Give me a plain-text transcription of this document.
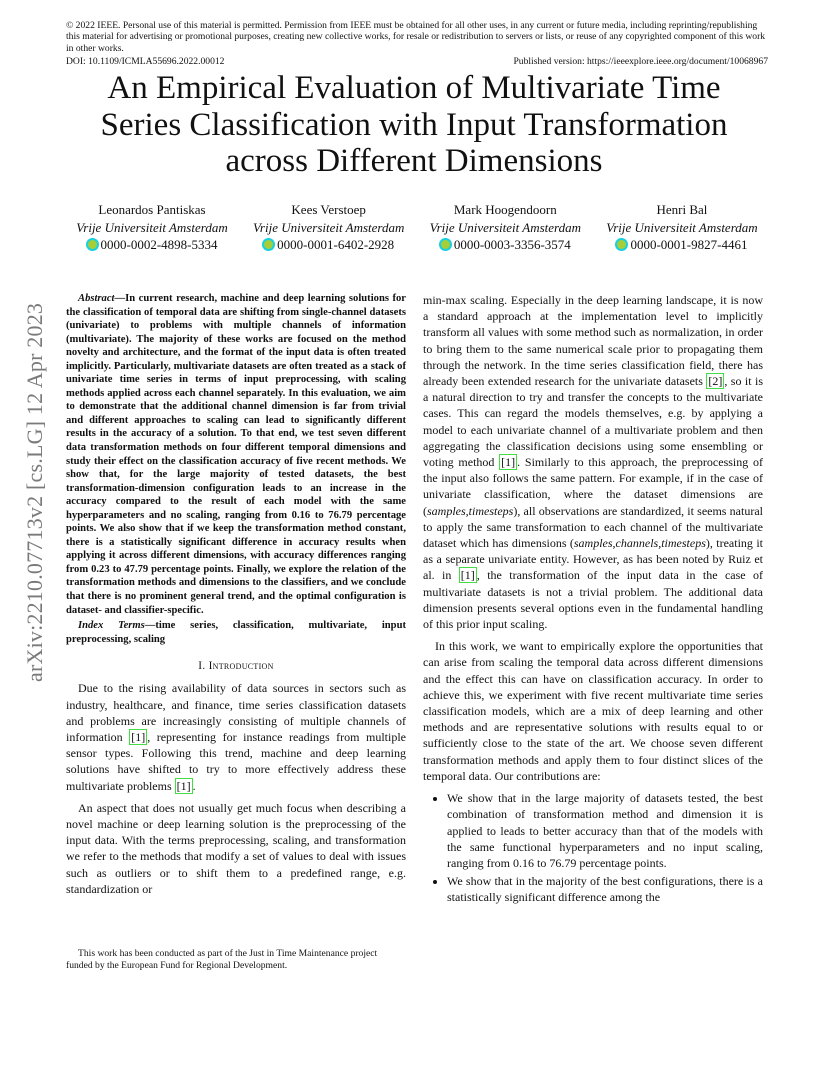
© 2022 IEEE. Personal use of this material is permitted. Permission from IEEE must be obtained for all other uses, in any current or future media, including reprinting/republishing this material for advertising or promotional purposes, creating new collective works, for resale or redistribution to servers or lists, or reuse of any copyrighted component of this work in other works.
DOI: 10.1109/ICMLA55696.2022.00012	Published version: https://ieeexplore.ieee.org/document/10068967
An Empirical Evaluation of Multivariate Time Series Classification with Input Transformation across Different Dimensions
Leonardos Pantiskas
Vrije Universiteit Amsterdam
0000-0002-4898-5334
Kees Verstoep
Vrije Universiteit Amsterdam
0000-0001-6402-2928
Mark Hoogendoorn
Vrije Universiteit Amsterdam
0000-0003-3356-3574
Henri Bal
Vrije Universiteit Amsterdam
0000-0001-9827-4461
arXiv:2210.07713v2 [cs.LG] 12 Apr 2023

Abstract—In current research, machine and deep learning solutions for the classification of temporal data are shifting from single-channel datasets (univariate) to problems with multiple channels of information (multivariate). The majority of these works are focused on the method novelty and architecture, and the format of the input data is often treated implicitly. Particularly, multivariate datasets are often treated as a stack of univariate time series in terms of input preprocessing, with scaling methods applied across each channel separately. In this evaluation, we aim to demonstrate that the additional channel dimension is far from trivial and different approaches to scaling can lead to significantly different results in the accuracy of a solution. To that end, we test seven different data transformation methods on four different temporal dimensions and study their effect on the classification accuracy of five recent methods. We show that, for the large majority of tested datasets, the best transformation-dimension configuration leads to an increase in the accuracy compared to the result of each model with the same hyperparameters and no scaling, ranging from 0.16 to 76.79 percentage points. We also show that if we keep the transformation method constant, there is a statistically significant difference in accuracy results when applying it across different dimensions, with accuracy differences ranging from 0.23 to 47.79 percentage points. Finally, we explore the relation of the transformation methods and dimensions to the classifiers, and we conclude that there is no prominent general trend, and the optimal configuration is dataset- and classifier-specific.

Index Terms—time series, classification, multivariate, input preprocessing, scaling

I. Introduction

Due to the rising availability of data sources in sectors such as industry, healthcare, and finance, time series classification datasets and problems are increasingly consisting of multiple channels of information [1] , representing for instance readings from multiple sensor types. Following this trend, machine and deep learning solutions have shifted to try to more effectively address these multivariate problems [1] .

An aspect that does not usually get much focus when describing a novel machine or deep learning solution is the preprocessing of the input data. With the terms preprocessing, scaling, and transformation we refer to the methods that modify a set of values to deal with issues such as outliers or to shift them to a predefined range, e.g. standardization or

This work has been conducted as part of the Just in Time Maintenance project funded by the European Fund for Regional Development.

min-max scaling. Especially in the deep learning landscape, it is now a standard approach at the implementation level to implicitly transform all values with some method such as normalization, in order to bring them to the same numerical scale prior to propagating them through the network. In the time series classification field, there has already been extended research for the univariate datasets [2] , so it is a natural direction to try and transfer the concepts to the multivariate cases. This can regard the models themselves, e.g. by applying a model to each univariate channel of a multivariate problem and then aggregating the classification decisions using some ensembling or voting method [1] . Similarly to this approach, the preprocessing of the input also follows the same pattern. For example, if in the case of univariate classification, where the dataset dimensions are (samples,timesteps), all observations are standardized, it seems natural to apply the same transformation to each channel of the multivariate dataset which has dimensions (samples,channels,timesteps), treating it as a separate univariate entity. However, as has been noted by Ruiz et al. in [1] , the transformation of the input data in the case of multivariate datasets is not a trivial problem. The additional data dimension presents several options even in the fundamental handling of this prior input scaling.

In this work, we want to empirically explore the opportunities that can arise from scaling the temporal data across different dimensions and the effect this can have on classification accuracy. In order to achieve this, we experiment with five recent multivariate time series classification models, which are a mix of deep learning and other methods and are representative solutions with results equal to or sufficiently close to the state of the art. We choose seven different transformation methods and apply them to four distinct slices of the temporal data. Our contributions are:

• We show that in the large majority of datasets tested, the best combination of transformation method and dimension it is applied to leads to better accuracy than that of the models with the same functional hyperparameters and no input scaling, ranging from 0.16 to 76.79 percentage points.
• We show that in the majority of the best configurations, there is a statistically significant difference among the
